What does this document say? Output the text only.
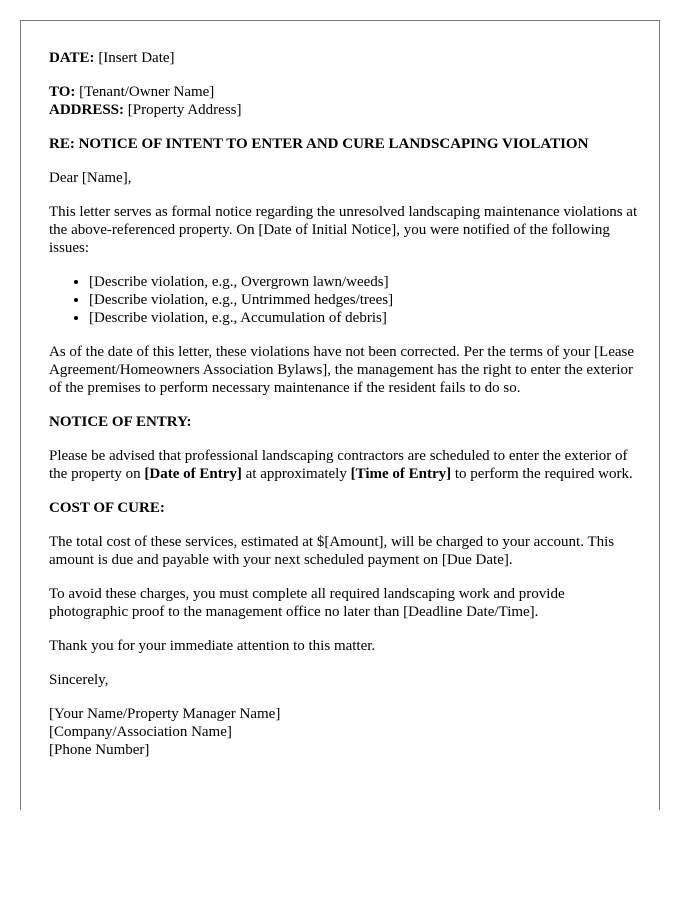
DATE: [Insert Date]

TO: [Tenant/Owner Name]

ADDRESS: [Property Address]

RE: NOTICE OF INTENT TO ENTER AND CURE LANDSCAPING VIOLATION

Dear [Name],

This letter serves as formal notice regarding the unresolved landscaping maintenance violations at the above-referenced property. On [Date of Initial Notice], you were notified of the following issues:

• [Describe violation, e.g., Overgrown lawn/weeds]
• [Describe violation, e.g., Untrimmed hedges/trees]
• [Describe violation, e.g., Accumulation of debris]

As of the date of this letter, these violations have not been corrected. Per the terms of your [Lease Agreement/Homeowners Association Bylaws], the management has the right to enter the exterior of the premises to perform necessary maintenance if the resident fails to do so.

NOTICE OF ENTRY:

Please be advised that professional landscaping contractors are scheduled to enter the exterior of the property on [Date of Entry] at approximately [Time of Entry] to perform the required work.

COST OF CURE:

The total cost of these services, estimated at $[Amount], will be charged to your account. This amount is due and payable with your next scheduled payment on [Due Date].

To avoid these charges, you must complete all required landscaping work and provide photographic proof to the management office no later than [Deadline Date/Time].

Thank you for your immediate attention to this matter.

Sincerely,

[Your Name/Property Manager Name]

[Company/Association Name]

[Phone Number]
